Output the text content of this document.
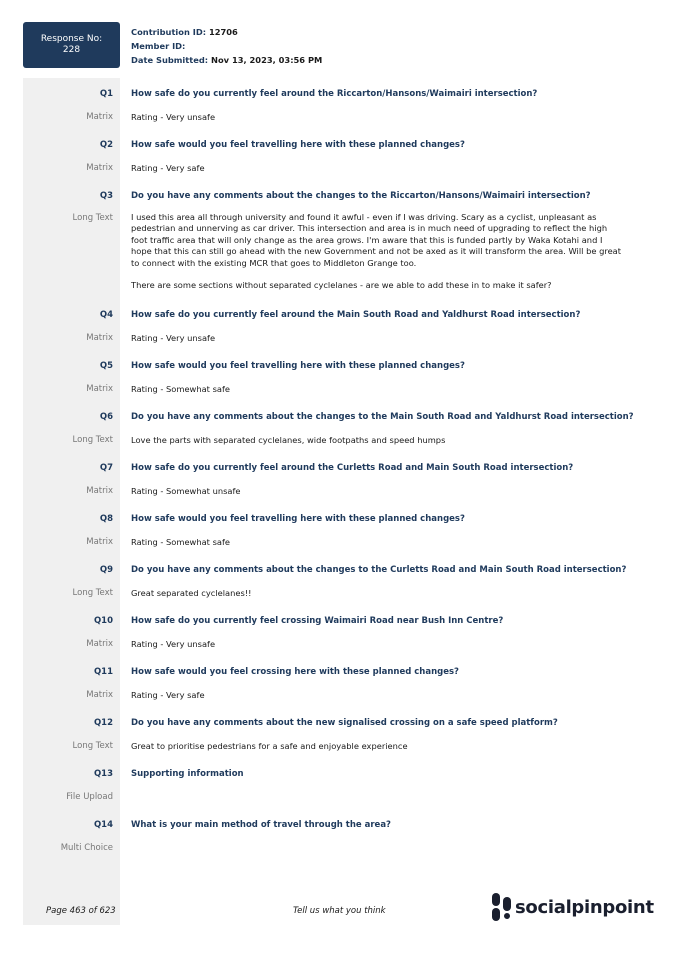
Response No:
228
Contribution ID: 12706
Member ID:
Date Submitted: Nov 13, 2023, 03:56 PM
Q1 How safe do you currently feel around the Riccarton/Hansons/Waimairi intersection?
Matrix Rating - Very unsafe
Q2 How safe would you feel travelling here with these planned changes?
Matrix Rating - Very safe
Q3 Do you have any comments about the changes to the Riccarton/Hansons/Waimairi intersection?
Long Text I used this area all through university and found it awful - even if I was driving. Scary as a cyclist, unpleasant as pedestrian and unnerving as car driver. This intersection and area is in much need of upgrading to reflect the high foot traffic area that will only change as the area grows. I'm aware that this is funded partly by Waka Kotahi and I hope that this can still go ahead with the new Government and not be axed as it will transform the area. Will be great to connect with the existing MCR that goes to Middleton Grange too.

There are some sections without separated cyclelanes - are we able to add these in to make it safer?

Q4 How safe do you currently feel around the Main South Road and Yaldhurst Road intersection?
Matrix Rating - Very unsafe
Q5 How safe would you feel travelling here with these planned changes?
Matrix Rating - Somewhat safe
Q6 Do you have any comments about the changes to the Main South Road and Yaldhurst Road intersection?
Long Text Love the parts with separated cyclelanes, wide footpaths and speed humps
Q7 How safe do you currently feel around the Curletts Road and Main South Road intersection?
Matrix Rating - Somewhat unsafe
Q8 How safe would you feel travelling here with these planned changes?
Matrix Rating - Somewhat safe
Q9 Do you have any comments about the changes to the Curletts Road and Main South Road intersection?
Long Text Great separated cyclelanes!!
Q10 How safe do you currently feel crossing Waimairi Road near Bush Inn Centre?
Matrix Rating - Very unsafe
Q11 How safe would you feel crossing here with these planned changes?
Matrix Rating - Very safe
Q12 Do you have any comments about the new signalised crossing on a safe speed platform?
Long Text Great to prioritise pedestrians for a safe and enjoyable experience
Q13 Supporting information
File Upload
Q14 What is your main method of travel through the area?
Multi Choice
Page 463 of 623	Tell us what you think	socialpinpoint
